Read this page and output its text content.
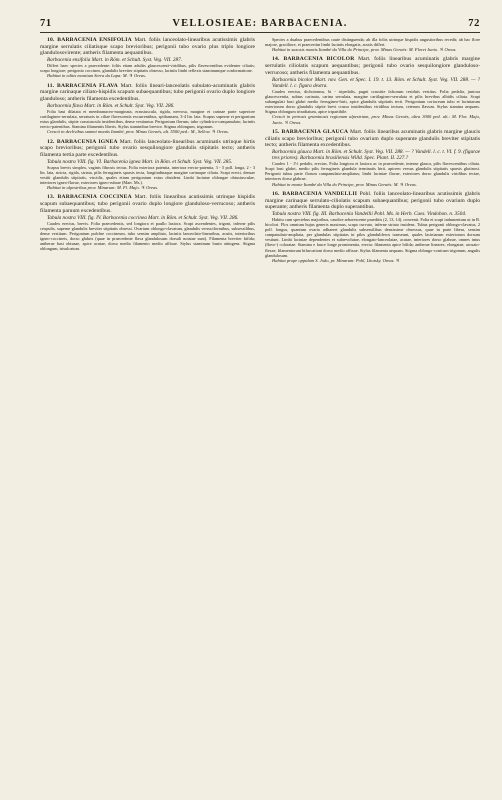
71	VELLOSIEAE: BARBACENIA.	72

10. BARBACENIA ENSIFOLIA Mart. foliis lanceolato-linearibus acutissimis glabris margine serrulatis ciliatisque scapo brevioribus; perigonii tubo ovario plus triplo longiore glandulosovirente; antheris filamenta aequantibus.

Barbacenia ensifolia Mart. in Röm. et Schult. Syst. Veg. VII. 287.

Differt haec species a praecedente: foliis etiam adultis glaucescenti-viridibus, pilis flavescentibus evidenter ciliatis; scapo longiore; perigonio coccineo, glandulis breviter stipitatis obsesso, laciniis limbi reflexis staminumque conformatione.

Habitat in editis montium Serra da Lapa: M. ♃ Oreas.

11. BARBACENIA FLAVA Mart. foliis lineari-lanceolatis subulato-acuminatis glabris margine carinaque ciliato-hispidis scapum subaequantibus; tubo perigonii ovario duplo longiore glanduloso; antheris filamenta excedentibus.

Barbacenia flava Mart. in Röm. et Schult. Syst. Veg. VII. 286.

Folia basi dilatata et membranaceo-marginata, erassiuscula, rigida, nervosa, margine et carinae parte superiore cartilagineo-serrulata, serraturis in ciliae flavescentis excurrentibus, spithamaea, 3-4 lin. lata. Scapus superne et perigonium extus glandulis, stipite crassiusculo insidentibus, dense vestiuntur. Perigonium flavum, tubo cylindrico-campanulato; laciniis erecto-patentibus. Stamina filamentis liberis. Stylus staminibus brevior. Stigma oblongum, trigonum.

Crescit in declivibus summi montis Itambé, prov. Minas Geraës, alt. 5500 ped.: M., Sellow. ♃ Oreas.

12. BARBACENIA IGNEA Mart. foliis lanceolato-linearibus acuminatis utrinque hirtis scapo brevioribus; perigonii tubo ovario sesquilongiore glandulis stipitatis tecto; antheris filamenta tertia parte excedentibus.

Tabula nostra VIII. fig. VI. Barbacenia ignea Mart. in Röm. et Schult. Syst. Veg. VII. 285.

Scapus brevis simplex, vaginis fibrosis tectus. Folia exteriora patentia, interiora erecto-patentia, 3 - 5 poll. longa, 2 - 3 lin. lata, stricta, rigida, striata, pilis ferrugineis sparsis tecta, longitudinaque margine carinaque ciliata. Scapi erecti, densae vestiti glandulis stipitatis, viscidis, quales etiam perigonium extus obsident. Limbi laciniae oblongae obtusiusculae, interiores igneo-flavae, exteriores igneo-rubrae (Mart. Ms.).

Habitat in alpestribus prov. Minarum: M. Fl. Majo. ♃ Oreas.

13. BARBACENIA COCCINEA Mart. foliis linearibus acutissimis utrinque hispidis scapum subaequantibus; tubo perigonii ovario duplo longiore glanduloso-verrucoso; antheris filamenta paruum excedentibus.

Tabula nostra VIII. fig. IV. Barbacenia coccinea Mart. in Röm. et Schult. Syst. Veg. VII. 286.

Caudex erectus, brevis. Folia praecedentis, sed longiora et paullo laxiora. Scapi ascendentes, trigoni, inferne pilis crispulis, superne glandulis breviter stipitatis obsessi. Ovarium oblongo-clavatum, glandulis verruciformibus, subsessilibus, dense vestitum. Perigonium pulchre coccineum, tubo sensim ampliato, laciniis lanceolato-linearibus, acutis, interioribus igneo-coccineis, dorso glabris (quae in praecedente flava glandulosum dorsali notatae sunt). Filamenta breviter bifida; antherae basi obtusae, apice acutae, dorso medio filamento medio affixae. Stylus staminum basin attingens. Stigma oblongum, trisulcatum.

Species a duabus praecedentibus caute distinguenda; ab illa foliis utrinque hispidis angustioribus recedit; ab hac flore majore, graciliore, et praecertim limbi laciniis elongatis, acutis differt.

Habitat in saxosis montis Itambé da Villa do Principe, prov. Minas Geraës: M. Floret Junio. ♃ Oreas.

14. BARBACENIA BICOLOR Mart. foliis linearibus acuminatis glabris margine serrulatis ciliolatis scapum aequantibus; perigonii tubo ovario sesquilongiore glanduloso-verrucoso; antheris filamenta aequantibus.

Barbacenia bicolor Mart. nov. Gen. et Spec. I. 19. t. 13. Röm. et Schult. Syst. Veg. VII. 288. — ? Vandell. l. c. figura dextra.

Caudex erectus, dichotomus, bi - tripedalis, pugni crassitie falsorum residuis vestitus. Folia pedalia, juniora glaucescentia, subtus carinata, carina serrulata, margine cartilagineo-serrulata et pilis brevibus albidis ciliata. Scapi subangulati basi glabri medio ferrugineo-hirti, apice glandulis stipitatis tecti. Perigonium coriaceum tubo et laciniarum exteriorum dorso glandulis stipite brevi crasso insidentibus viridibus tectum, ceterum flavum. Stylus stamina aequans. Stigma oblongum triradiatum, apice tripartibile.

Crescit in petrosis graminosis regionum alpestrium, prov. Minas Geraës, ultra 3000 ped. alt.: M. Flor. Majo, Junio. ♃ Oreas.

15. BARBACENIA GLAUCA Mart. foliis linearibus acuminatis glabris margine glaucis ciliatis scapo brevioribus; perigonii tubo ovarium duplo superante glandulis breviter stipitatis tecto; antheris filamenta excedentibus.

Barbacenia glauca Mart. in Röm. et Schult. Syst. Veg. VII. 288. — ? Vandell. l. c. t. VI. f. 9. (figurae tres priores). Barbacenia brasiliensis Willd. Spec. Plant. II. 227.?

Caudex 1 - 1½ pedalis, erectus. Folia longiora et laxiora ac in praecedente, intense glauca, pilis flavescentibus ciliata. Scapi basi glabri, medio pilis ferrugineis glandula terminatis hirti, apicem versus glandulis stipitatis sparsis glutinosi. Perigonii tubus parte florum campanulato-ampliatus; limbi laciniae flavae, exteriores dorso glandulis viridibus tectae, interiores dorso glabrae.

Habitat in monte Itambé da Villa do Principe, prov. Minas Geraës: M. ♃ Oreas.

16. BARBACENIA VANDELLII Pohl. foliis lanceolato-linearibus acutissimis glabris margine carinaque serrulato-ciliolatis scapum subaequantibus; perigonii tubo ovarium duplo superante; antheris filamenta duplo superantibus.

Tabula nostra VIII. fig. III. Barbacenia Vandellii Pohl. Ms. in Herb. Caes. Vindobon. n. 3504.

Habitu cum speciebus majoribus, caudice arborescente praeditis (2, 13, 14), convenit. Folia et scapi indumentum ut in B. bicolori. Flos omnium hujus generis maximus, scapo curvato, inferne striato insidens. Tubus perigonii oblongo-clavatus, 2 poll. longus, quantum ovario adhaeret glandulis subsessilibus densissime obsessus, quae in parte libera, sensim campanulato-ampliata, per glandulas stipitatas in pilos glanduliferos transeunt, quales laciniarum exteriorum dorsum vestiunt. Limbi laciniae dependentes et subrevolutae, elongato-lanceolatae, acutae, interiores dorso glabrae, omnes intus (flavo-) coloratae. Stamina e fauce longe prominentia, erecta: filamenta apice bifida; antherae lineares, elongatae, arcuato-flexae, filamentorum bifurcationi dorso medio affixae. Stylus filamenta aequans. Stigma oblongo-conicum trigonum, angulis glandulosum.

Habitat prope oppidum S. João, pr. Minarum: Pohl, Lhotsky. Oreas. ♃
